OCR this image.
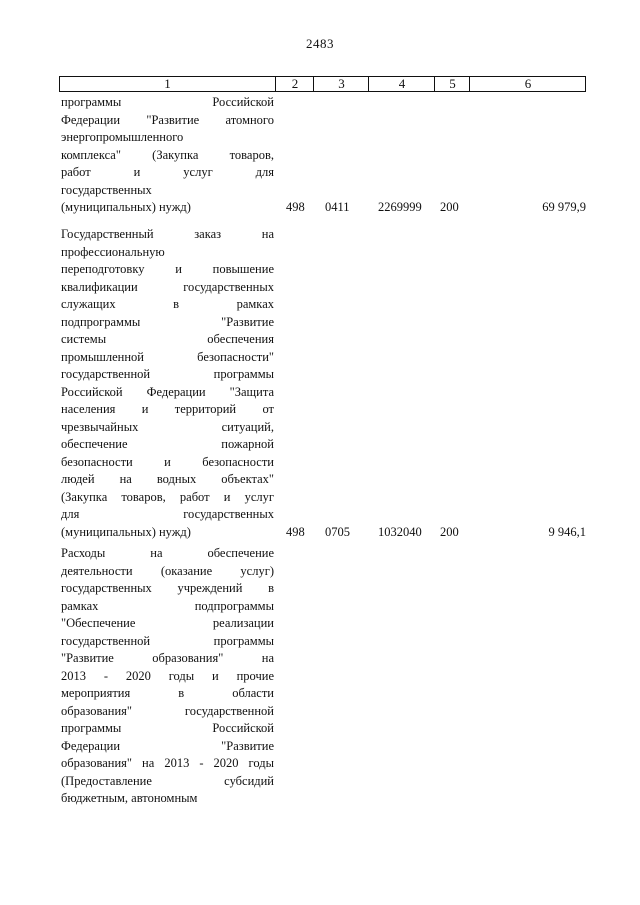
2483
1	2	3	4	5	6
программы Российской
Федерации "Развитие атомного
энергопромышленного
комплекса" (Закупка товаров,
работ и услуг для
государственных
(муниципальных) нужд)	498 0411 2269999 200	69 979,9
Государственный заказ на
профессиональную
переподготовку и повышение
квалификации государственных
служащих в рамках
подпрограммы "Развитие
системы обеспечения
промышленной безопасности"
государственной программы
Российской Федерации "Защита
населения и территорий от
чрезвычайных ситуаций,
обеспечение пожарной
безопасности и безопасности
людей на водных объектах"
(Закупка товаров, работ и услуг
для государственных
(муниципальных) нужд)	498 0705 1032040 200	9 946,1
Расходы на обеспечение
деятельности (оказание услуг)
государственных учреждений в
рамках подпрограммы
"Обеспечение реализации
государственной программы
"Развитие образования" на
2013 - 2020 годы и прочие
мероприятия в области
образования" государственной
программы Российской
Федерации "Развитие
образования" на 2013 - 2020 годы
(Предоставление субсидий
бюджетным, автономным
